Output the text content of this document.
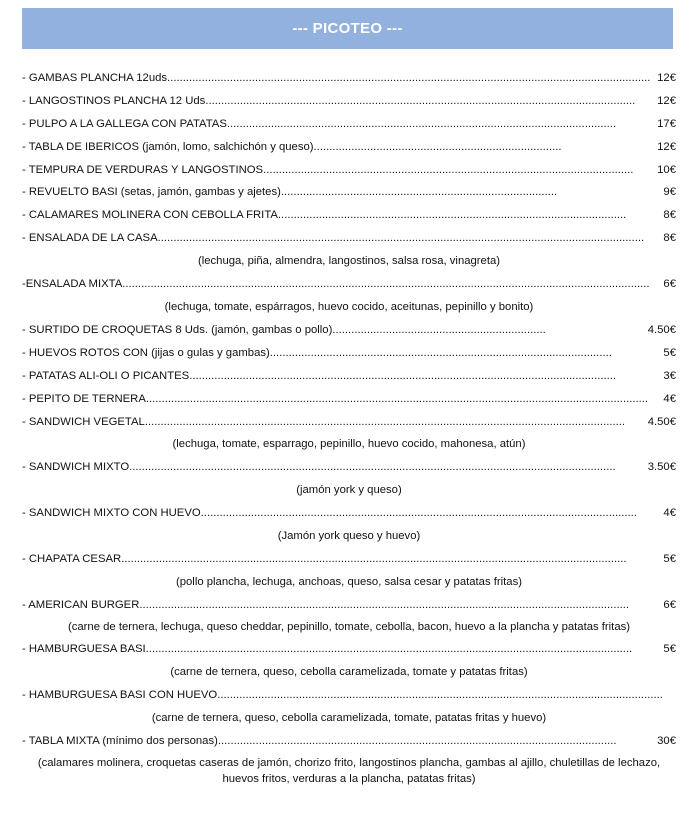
--- PICOTEO ---
- GAMBAS PLANCHA 12uds.......................................................................................................................................................... 12€
- LANGOSTINOS PLANCHA 12 Uds......................................................................................................................................... 12€
- PULPO A LA GALLEGA CON PATATAS............................................................................................................................	17€
- TABLA DE IBERICOS (jamón, lomo, salchichón y queso)...............................................................................	12€
- TEMPURA DE VERDURAS Y LANGOSTINOS...................................................................................................................... 10€
- REVUELTO BASI (setas, jamón, gambas y ajetes)........................................................................................	9€
- CALAMARES MOLINERA CON CEBOLLA FRITA...............................................................................................................	8€
- ENSALADA DE LA CASA........................................................................................................................................................... 8€
(lechuga, piña, almendra, langostinos, salsa rosa, vinagreta)
-ENSALADA MIXTA........................................................................................................................................................................ 6€
(lechuga, tomate, espárragos, huevo cocido, aceitunas, pepinillo y bonito)
- SURTIDO DE CROQUETAS 8 Uds. (jamón, gambas o pollo)....................................................................	4.50€
- HUEVOS ROTOS CON (jijas o gulas y gambas).............................................................................................................	5€
- PATATAS ALI-OLI O PICANTES........................................................................................................................................	3€
- PEPITO DE TERNERA................................................................................................................................................................ 4€
- SANDWICH VEGETAL......................................................................................................................................................... 4.50€
(lechuga, tomate, esparrago, pepinillo, huevo cocido, mahonesa, atún)
- SANDWICH MIXTO...........................................................................................................................................................	3.50€
(jamón york y queso)
- SANDWICH MIXTO CON HUEVO........................................................................................................................................... 4€
(Jamón york queso y huevo)
- CHAPATA CESAR.................................................................................................................................................................	5€
(pollo plancha, lechuga, anchoas, queso, salsa cesar y patatas fritas)
- AMERICAN BURGER............................................................................................................................................................	6€
(carne de ternera, lechuga, queso cheddar, pepinillo, tomate, cebolla, bacon, huevo a la plancha y patatas fritas)
- HAMBURGUESA BASI...........................................................................................................................................................	5€
(carne de ternera, queso, cebolla caramelizada, tomate y patatas fritas)
- HAMBURGUESA BASI CON HUEVO..............................................................................................................................................
(carne de ternera, queso, cebolla caramelizada, tomate, patatas fritas y huevo)
- TABLA MIXTA (mínimo dos personas)...............................................................................................................................	30€
(calamares molinera, croquetas caseras de jamón, chorizo frito, langostinos plancha, gambas al ajillo, chuletillas de lechazo, huevos fritos, verduras a la plancha, patatas fritas)
